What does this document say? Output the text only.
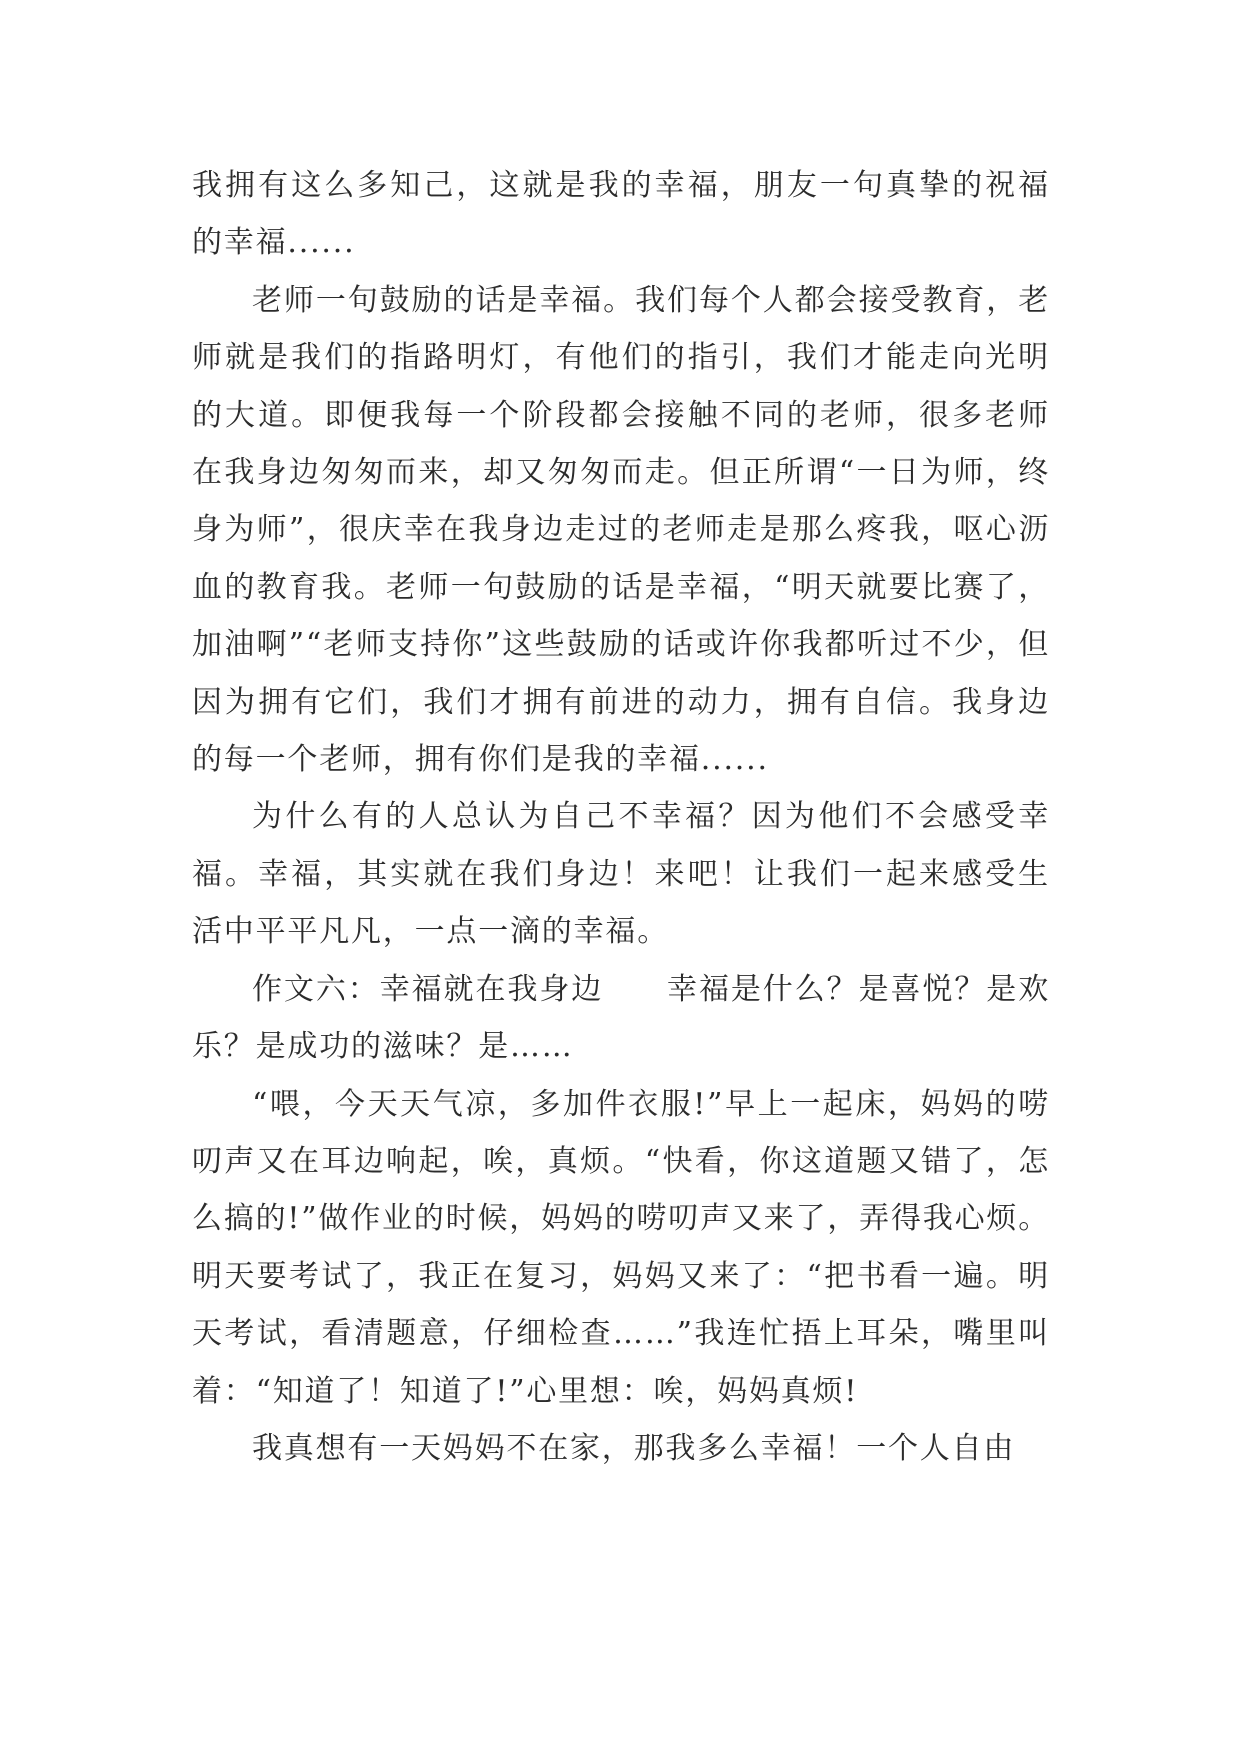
我拥有这么多知己，这就是我的幸福，朋友一句真挚的祝福的幸福......

老师一句鼓励的话是幸福。我们每个人都会接受教育，老师就是我们的指路明灯，有他们的指引，我们才能走向光明的大道。即便我每一个阶段都会接触不同的老师，很多老师在我身边匆匆而来，却又匆匆而走。但正所谓“一日为师，终身为师”，很庆幸在我身边走过的老师走是那么疼我，呕心沥血的教育我。老师一句鼓励的话是幸福，“明天就要比赛了，加油啊”“老师支持你”这些鼓励的话或许你我都听过不少，但因为拥有它们，我们才拥有前进的动力，拥有自信。我身边的每一个老师，拥有你们是我的幸福......

为什么有的人总认为自己不幸福？因为他们不会感受幸福。幸福，其实就在我们身边！来吧！让我们一起来感受生活中平平凡凡，一点一滴的幸福。

作文六：幸福就在我身边　　幸福是什么？是喜悦？是欢乐？是成功的滋味？是……

“喂，今天天气凉，多加件衣服!”早上一起床，妈妈的唠叨声又在耳边响起，唉，真烦。“快看，你这道题又错了，怎么搞的!”做作业的时候，妈妈的唠叨声又来了，弄得我心烦。明天要考试了，我正在复习，妈妈又来了：“把书看一遍。明天考试，看清题意，仔细检查……”我连忙捂上耳朵，嘴里叫着：“知道了！知道了!”心里想：唉，妈妈真烦!

我真想有一天妈妈不在家，那我多么幸福！一个人自由
